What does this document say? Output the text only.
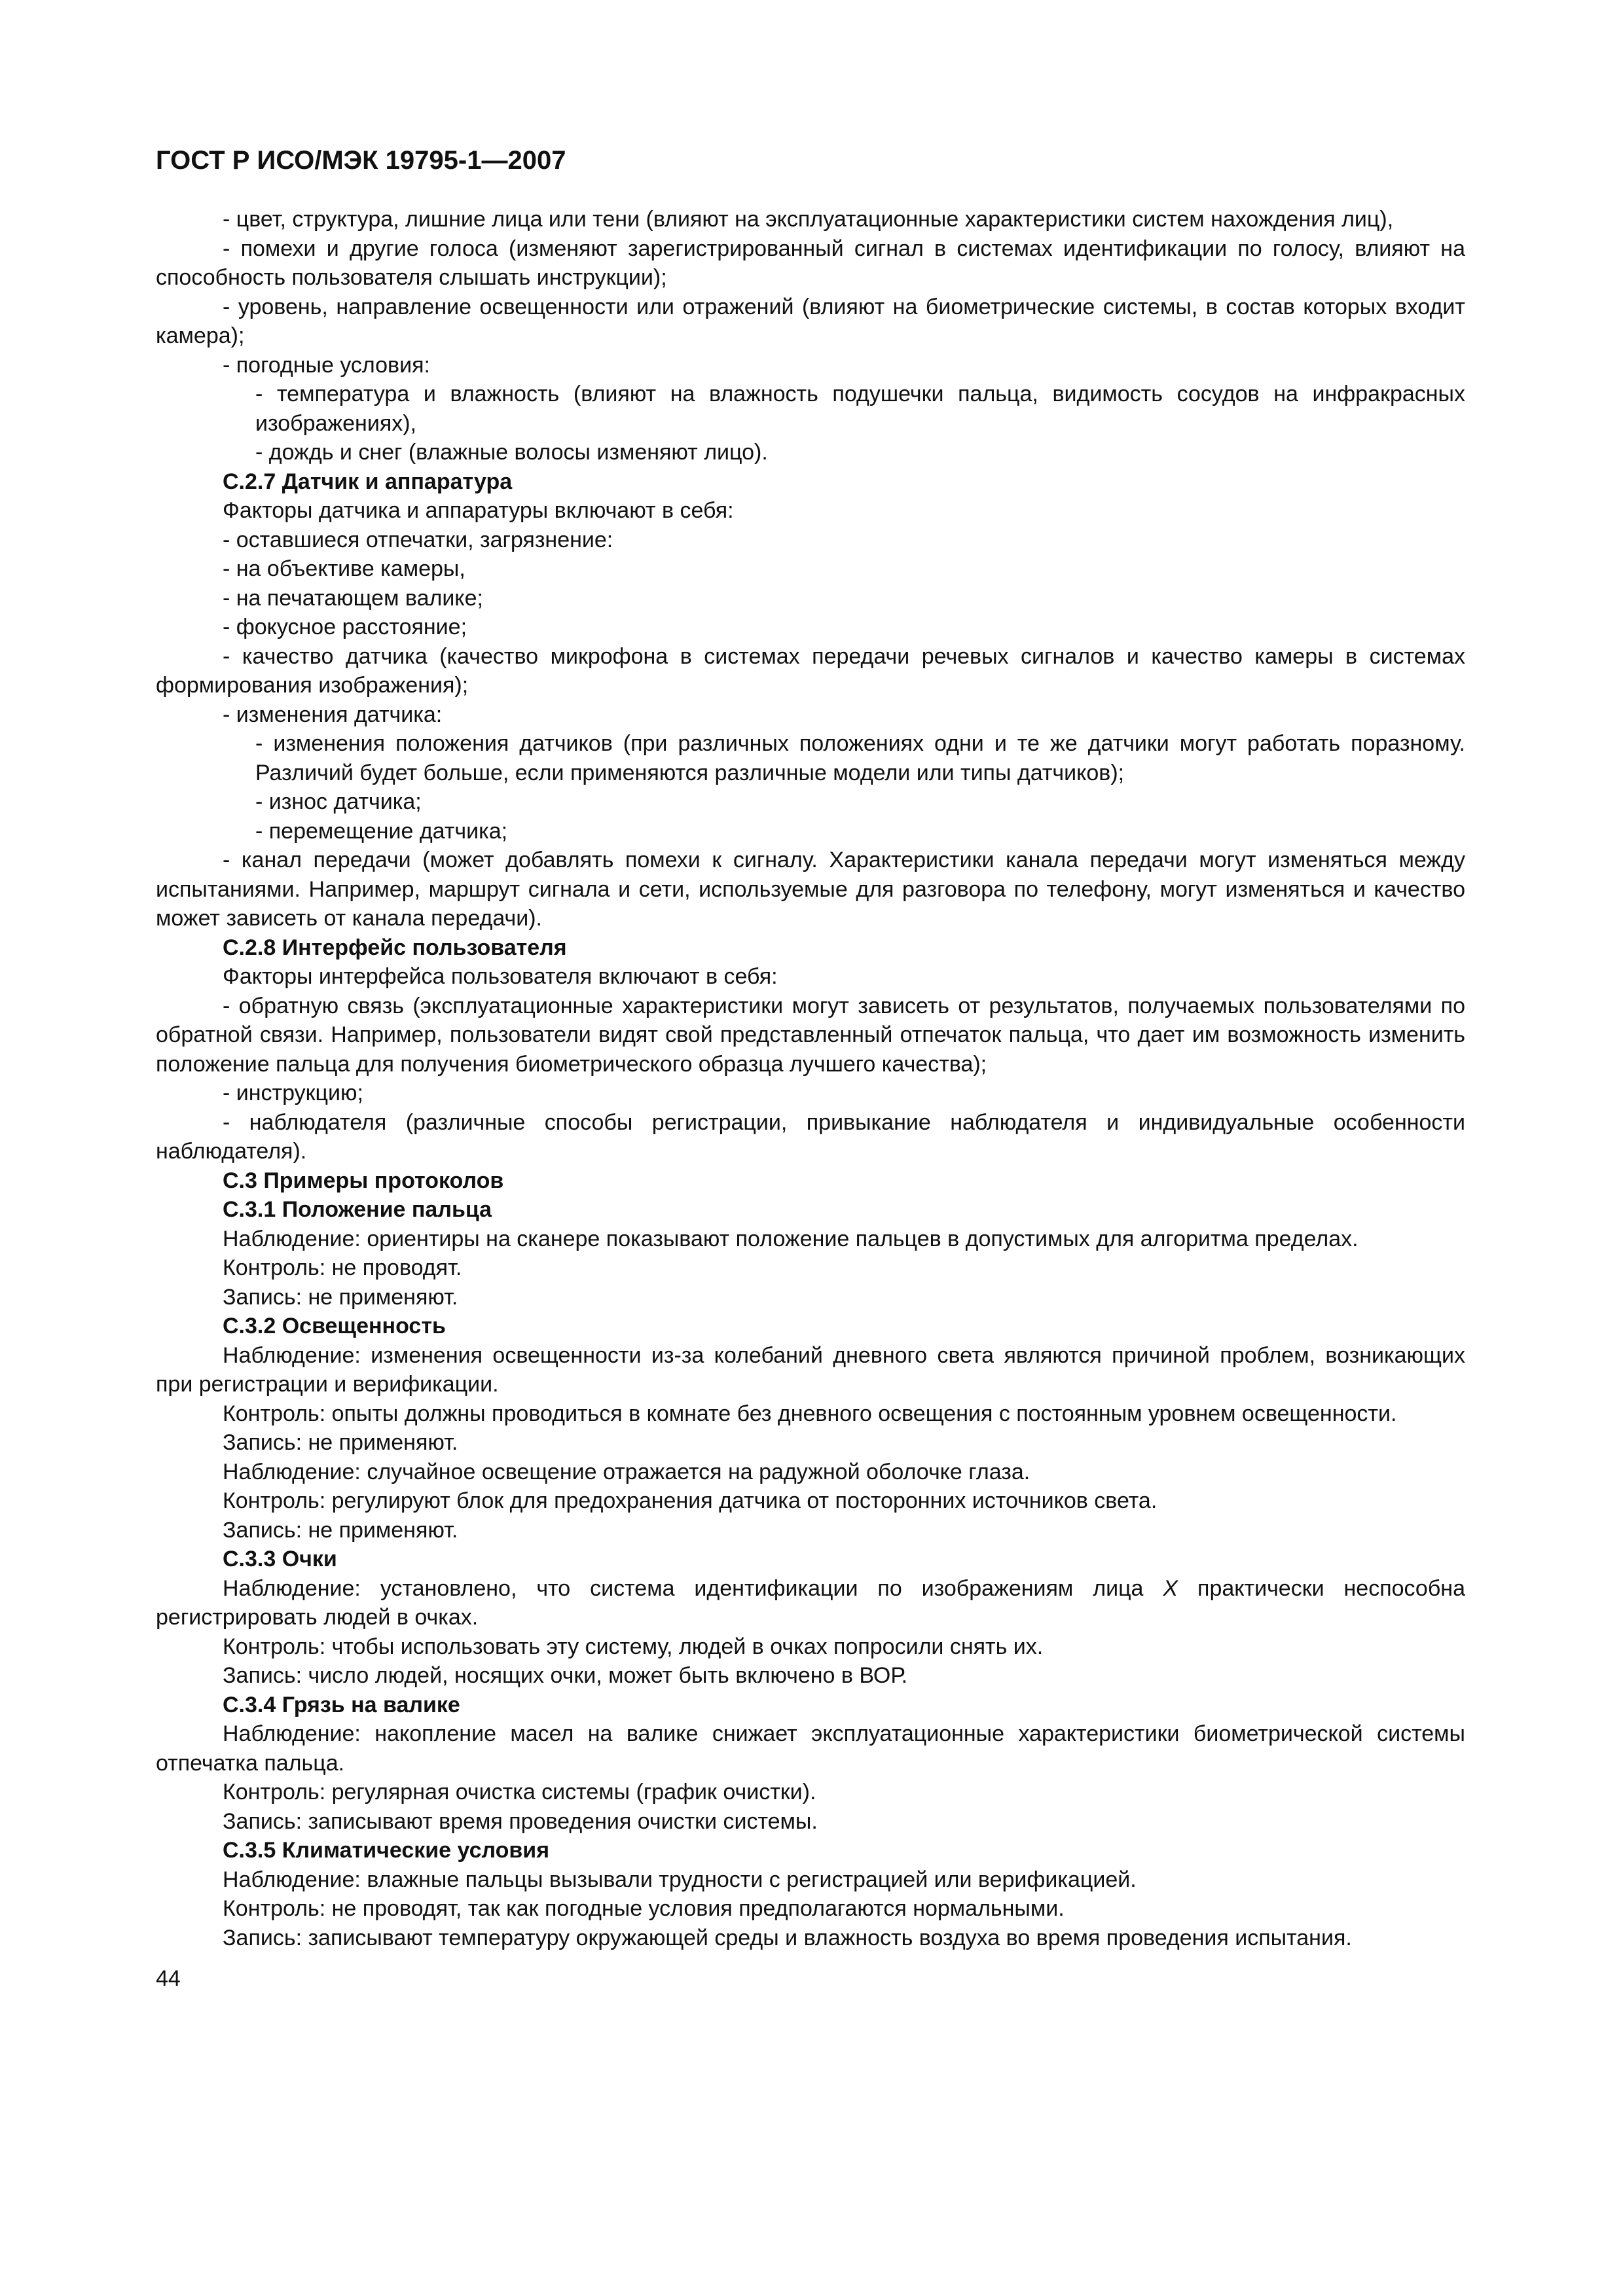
ГОСТ Р ИСО/МЭК 19795-1—2007

- цвет, структура, лишние лица или тени (влияют на эксплуатационные характеристики систем нахождения лиц),

- помехи и другие голоса (изменяют зарегистрированный сигнал в системах идентификации по голосу, влияют на способность пользователя слышать инструкции);

- уровень, направление освещенности или отражений (влияют на биометрические системы, в состав которых входит камера);

- погодные условия:

- температура и влажность (влияют на влажность подушечки пальца, видимость сосудов на инфракрасных изображениях),

- дождь и снег (влажные волосы изменяют лицо).

С.2.7 Датчик и аппаратура

Факторы датчика и аппаратуры включают в себя:

- оставшиеся отпечатки, загрязнение:

- на объективе камеры,

- на печатающем валике;

- фокусное расстояние;

- качество датчика (качество микрофона в системах передачи речевых сигналов и качество камеры в системах формирования изображения);

- изменения датчика:

- изменения положения датчиков (при различных положениях одни и те же датчики могут работать поразному. Различий будет больше, если применяются различные модели или типы датчиков);

- износ датчика;

- перемещение датчика;

- канал передачи (может добавлять помехи к сигналу. Характеристики канала передачи могут изменяться между испытаниями. Например, маршрут сигнала и сети, используемые для разговора по телефону, могут изменяться и качество может зависеть от канала передачи).

С.2.8 Интерфейс пользователя

Факторы интерфейса пользователя включают в себя:

- обратную связь (эксплуатационные характеристики могут зависеть от результатов, получаемых пользователями по обратной связи. Например, пользователи видят свой представленный отпечаток пальца, что дает им возможность изменить положение пальца для получения биометрического образца лучшего качества);

- инструкцию;

- наблюдателя (различные способы регистрации, привыкание наблюдателя и индивидуальные особенности наблюдателя).

С.3 Примеры протоколов

С.3.1 Положение пальца

Наблюдение: ориентиры на сканере показывают положение пальцев в допустимых для алгоритма пределах.

Контроль: не проводят.

Запись: не применяют.

С.3.2 Освещенность

Наблюдение: изменения освещенности из-за колебаний дневного света являются причиной проблем, возникающих при регистрации и верификации.

Контроль: опыты должны проводиться в комнате без дневного освещения с постоянным уровнем освещенности.

Запись: не применяют.

Наблюдение: случайное освещение отражается на радужной оболочке глаза.

Контроль: регулируют блок для предохранения датчика от посторонних источников света.

Запись: не применяют.

С.3.3 Очки

Наблюдение: установлено, что система идентификации по изображениям лица X практически неспособна регистрировать людей в очках.

Контроль: чтобы использовать эту систему, людей в очках попросили снять их.

Запись: число людей, носящих очки, может быть включено в ВОР.

С.3.4 Грязь на валике

Наблюдение: накопление масел на валике снижает эксплуатационные характеристики биометрической системы отпечатка пальца.

Контроль: регулярная очистка системы (график очистки).

Запись: записывают время проведения очистки системы.

С.3.5 Климатические условия

Наблюдение: влажные пальцы вызывали трудности с регистрацией или верификацией.

Контроль: не проводят, так как погодные условия предполагаются нормальными.

Запись: записывают температуру окружающей среды и влажность воздуха во время проведения испытания.

44
